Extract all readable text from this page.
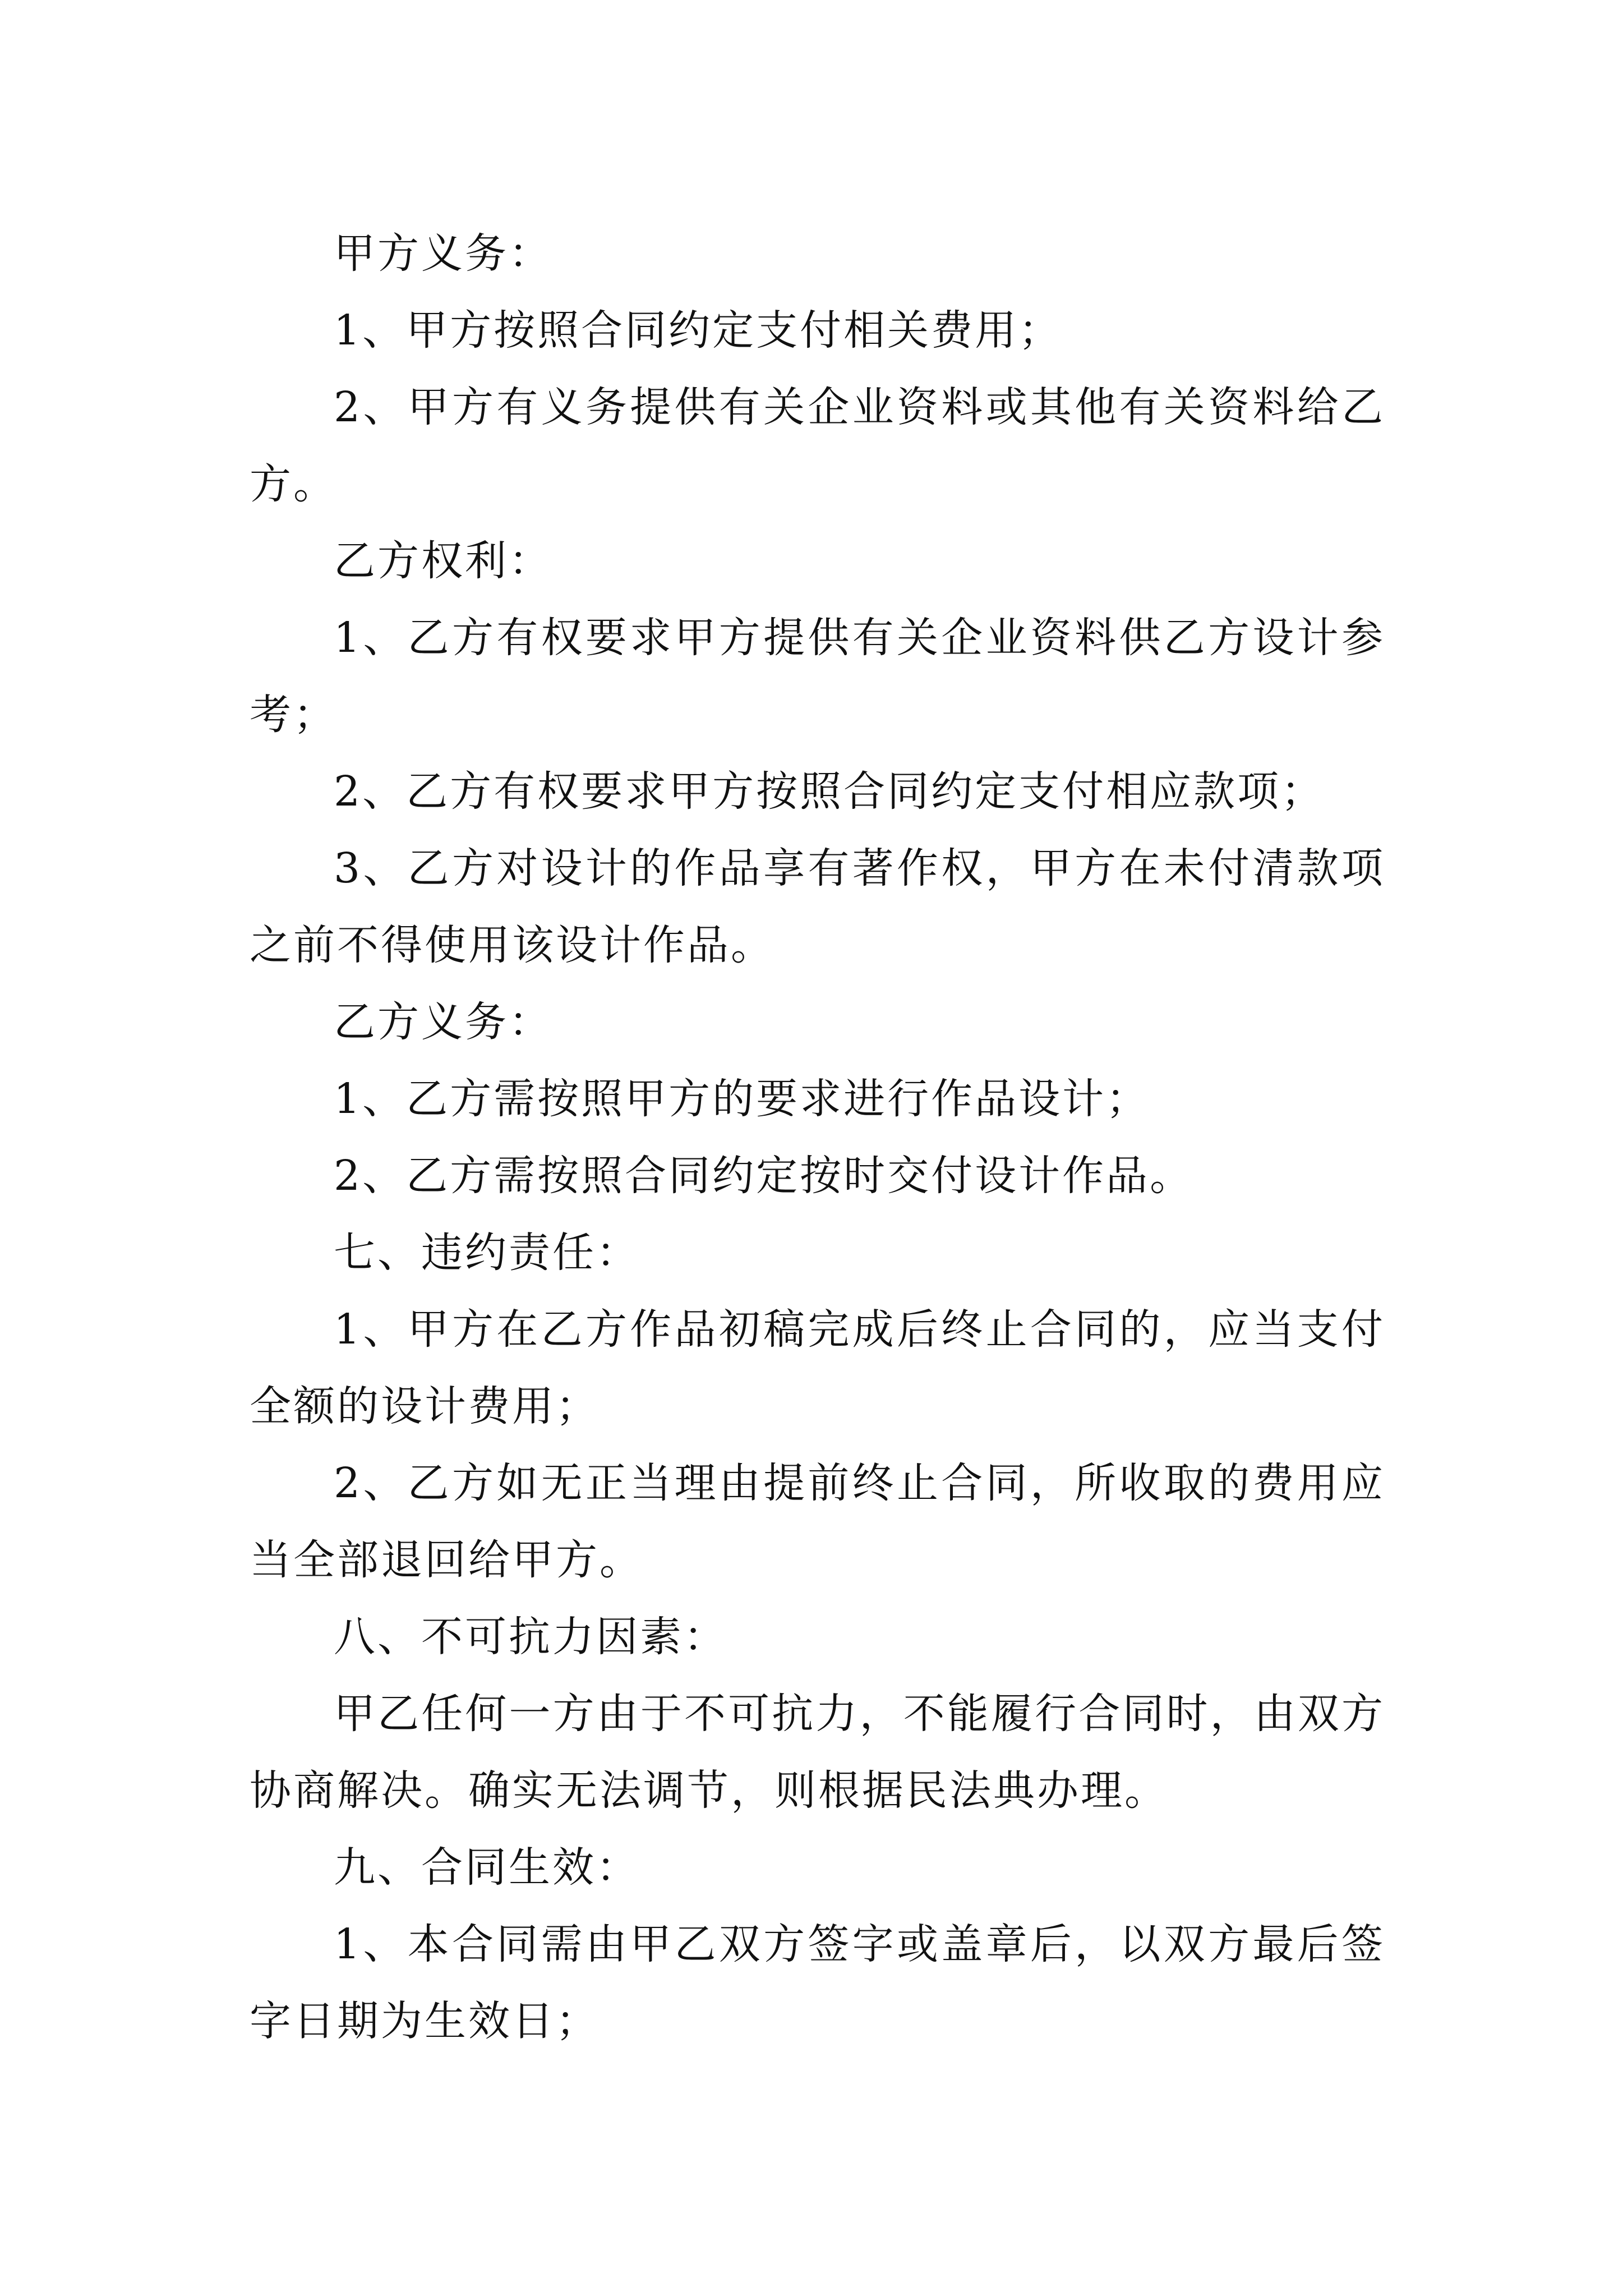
甲方义务：

1、甲方按照合同约定支付相关费用；

2、甲方有义务提供有关企业资料或其他有关资料给乙方。

乙方权利：

1、乙方有权要求甲方提供有关企业资料供乙方设计参考；

2、乙方有权要求甲方按照合同约定支付相应款项；

3、乙方对设计的作品享有著作权，甲方在未付清款项之前不得使用该设计作品。

乙方义务：

1、乙方需按照甲方的要求进行作品设计；

2、乙方需按照合同约定按时交付设计作品。

七、违约责任：

1、甲方在乙方作品初稿完成后终止合同的，应当支付全额的设计费用；

2、乙方如无正当理由提前终止合同，所收取的费用应当全部退回给甲方。

八、不可抗力因素：

甲乙任何一方由于不可抗力，不能履行合同时，由双方协商解决。确实无法调节，则根据民法典办理。

九、合同生效：

1、本合同需由甲乙双方签字或盖章后，以双方最后签字日期为生效日；
